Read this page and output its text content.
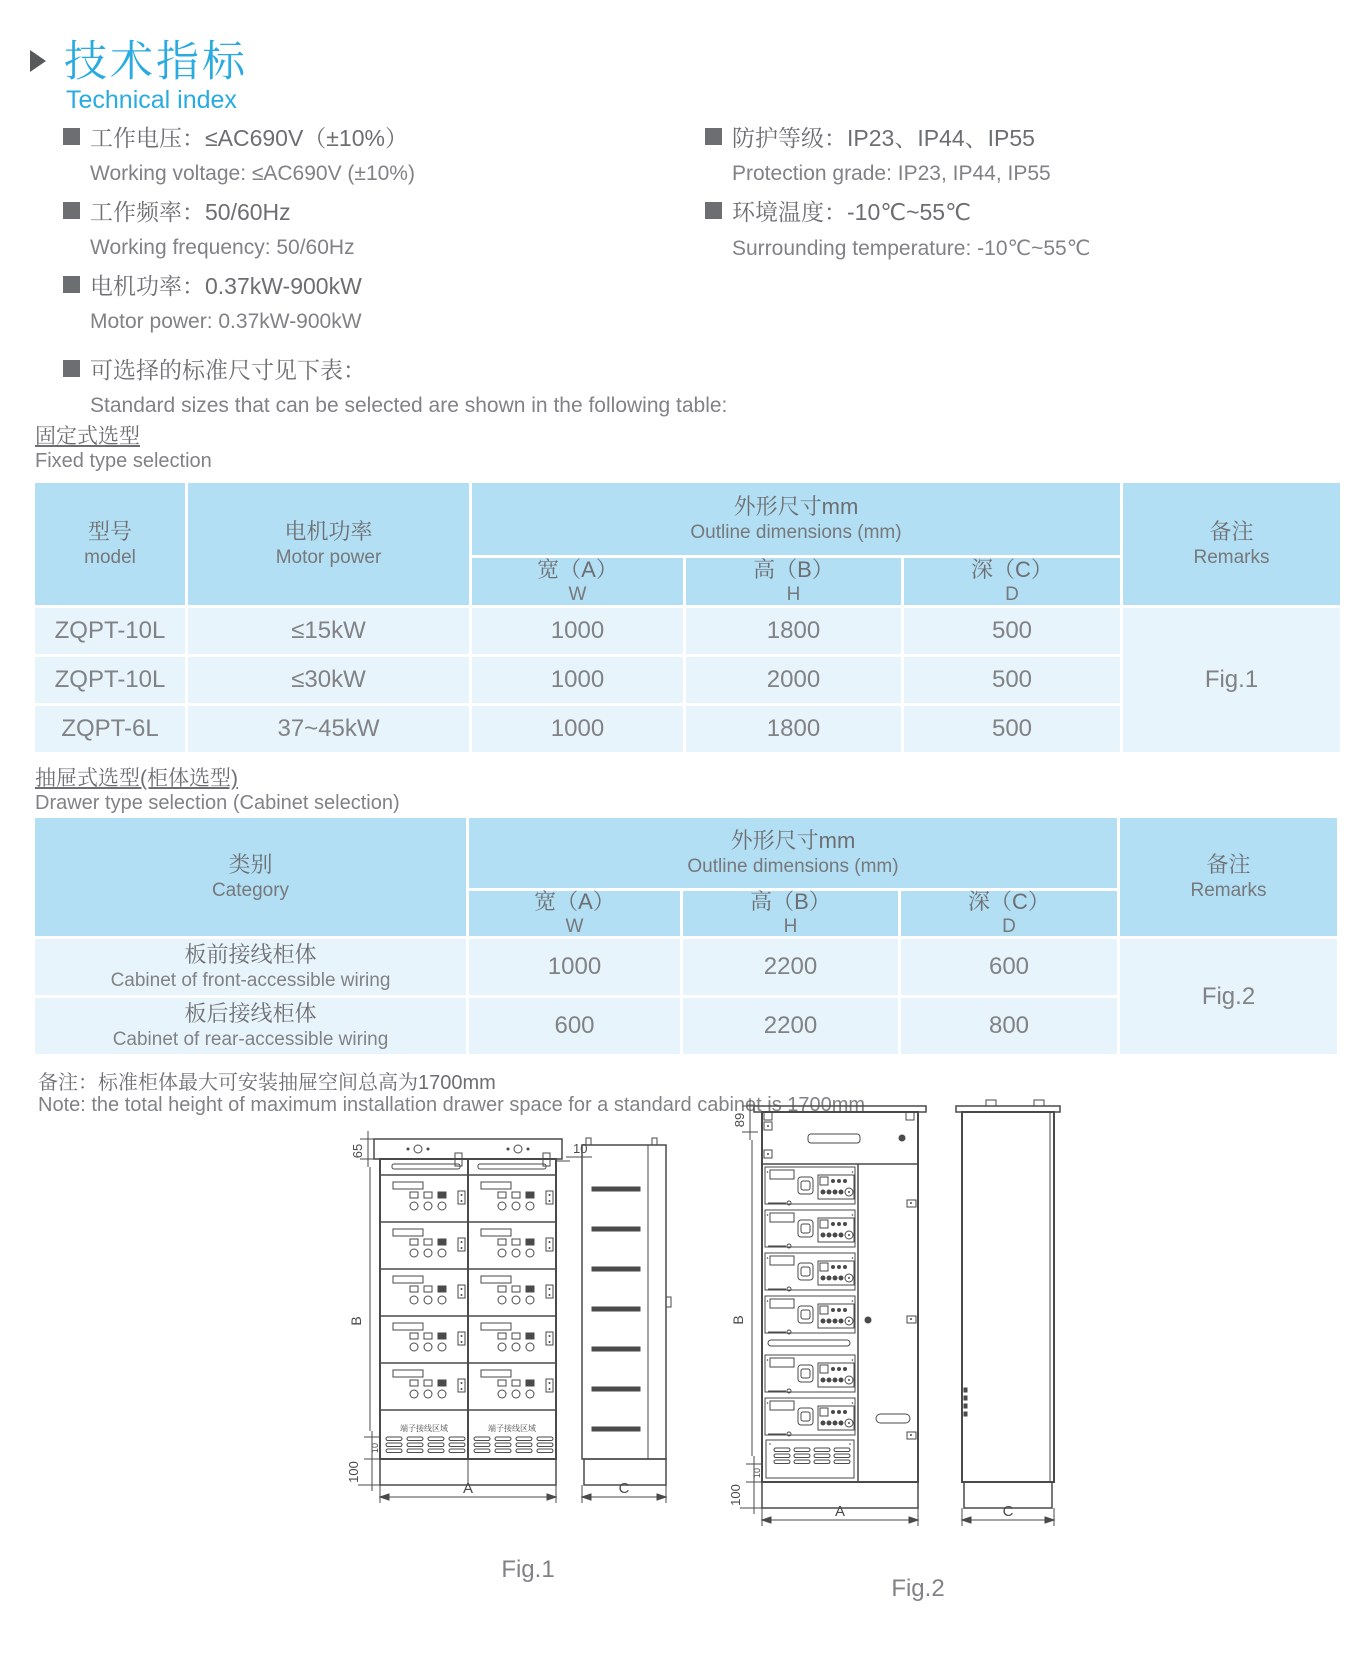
技术指标
Technical index
工作电压：≤AC690V（±10%）
Working voltage: ≤AC690V (±10%)
工作频率：50/60Hz
Working frequency: 50/60Hz
电机功率：0.37kW-900kW
Motor power: 0.37kW-900kW
可选择的标准尺寸见下表：
Standard sizes that can be selected are shown in the following table:
防护等级：IP23、IP44、IP55
Protection grade: IP23, IP44, IP55
环境温度：-10℃~55℃
Surrounding temperature: -10℃~55℃
固定式选型
Fixed type selection
型号
model
电机功率
Motor power
外形尺寸mm
Outline dimensions (mm)	备注
Remarks
宽（A）
W
高（B）
H
深（C）
D
ZQPT-10L	≤15kW	1000	1800	500
Fig.1
ZQPT-10L	≤30kW	1000	2000	500
ZQPT-6L	37~45kW	1000	1800	500
抽屉式选型(柜体选型)
Drawer type selection (Cabinet selection)
类别
Category
外形尺寸mm
Outline dimensions (mm)	备注
Remarks
宽（A）
W
高（B）
H
深（C）
D
板前接线柜体
Cabinet of front-accessible wiring
1000	2200	600
Fig.2
板后接线柜体
Cabinet of rear-accessible wiring
600	2200	800
备注：标准柜体最大可安装抽屉空间总高为1700mm
Note: the total height of maximum installation drawer space for a standard cabinet is 1700mm
端子接线区域	端子接线区域
65
B
10
100
10
A	C
Fig.1
89
B
10
100
A	C
Fig.2
